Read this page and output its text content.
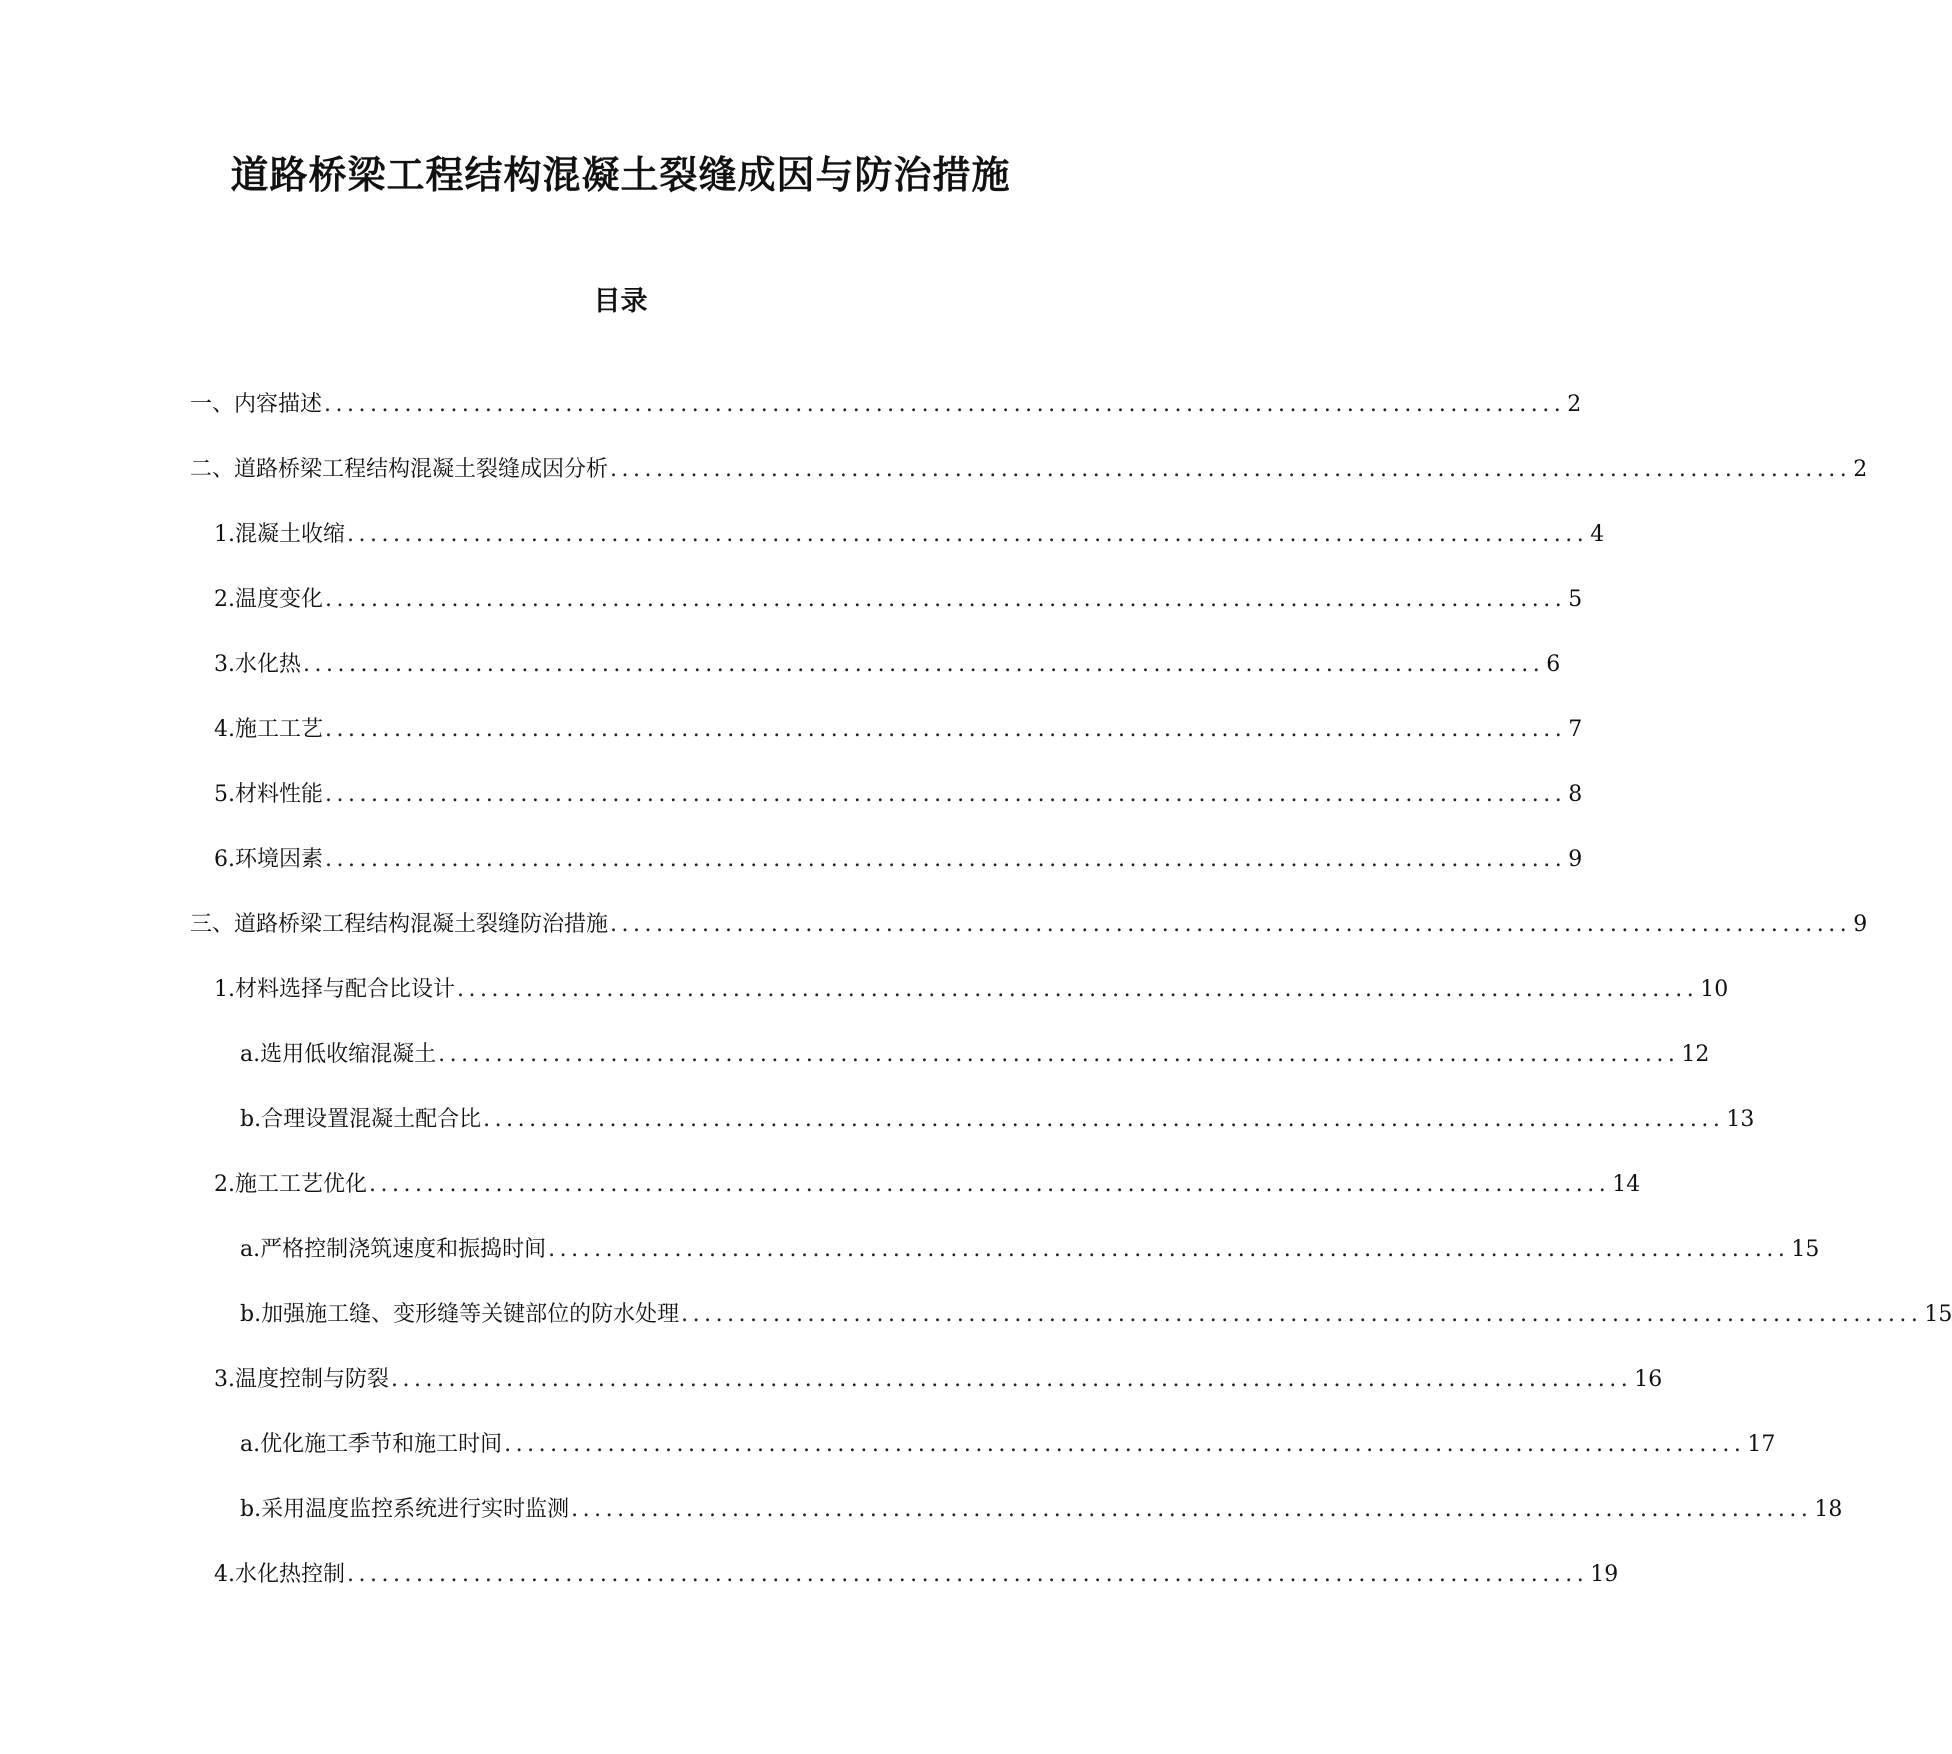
道路桥梁工程结构混凝土裂缝成因与防治措施
目录
一、内容描述 ............................................................................................................ 2
二、道路桥梁工程结构混凝土裂缝成因分析 ............................................................................................................ 2
1. 混凝土收缩 ............................................................................................................ 4
2. 温度变化 ............................................................................................................ 5
3. 水化热 ............................................................................................................ 6
4. 施工工艺 ............................................................................................................ 7
5. 材料性能 ............................................................................................................ 8
6. 环境因素 ............................................................................................................ 9
三、道路桥梁工程结构混凝土裂缝防治措施 ............................................................................................................ 9
1. 材料选择与配合比设计 ............................................................................................................ 10
a. 选用低收缩混凝土 ............................................................................................................ 12
b. 合理设置混凝土配合比 ............................................................................................................ 13
2. 施工工艺优化 ............................................................................................................ 14
a. 严格控制浇筑速度和振捣时间 ............................................................................................................ 15
b. 加强施工缝、变形缝等关键部位的防水处理 ............................................................................................................ 15
3. 温度控制与防裂 ............................................................................................................ 16
a. 优化施工季节和施工时间 ............................................................................................................ 17
b. 采用温度监控系统进行实时监测 ............................................................................................................ 18
4. 水化热控制 ............................................................................................................ 19
